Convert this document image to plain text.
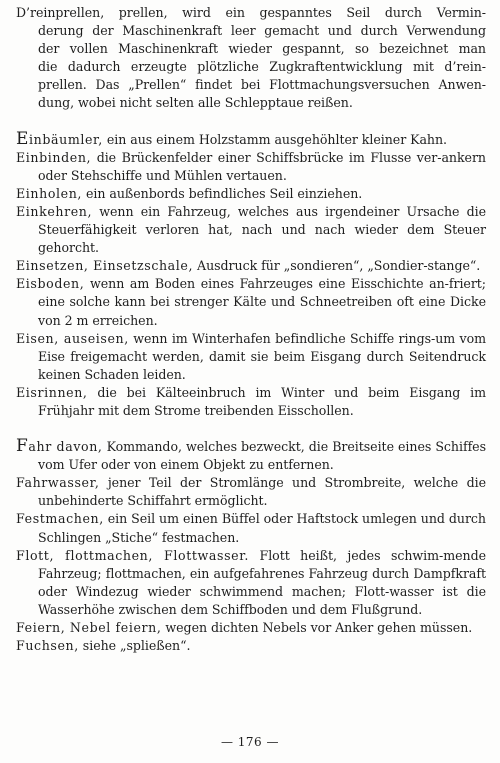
D’reinprellen, prellen, wird ein gespanntes Seil durch Vermin-
derung der Maschinenkraft leer gemacht und durch Verwendung
der vollen Maschinenkraft wieder gespannt, so bezeichnet man
die dadurch erzeugte plötzliche Zugkraftentwicklung mit d’rein-
prellen. Das „Prellen“ findet bei Flottmachungsversuchen Anwen-
dung, wobei nicht selten alle Schlepptaue reißen.

Einbäumler, ein aus einem Holzstamm ausgehöhlter kleiner Kahn.

Einbinden, die Brückenfelder einer Schiffsbrücke im Flusse ver-ankern oder Stehschiffe und Mühlen vertauen.

Einholen, ein außenbords befindliches Seil einziehen.

Einkehren, wenn ein Fahrzeug, welches aus irgendeiner Ursache die Steuerfähigkeit verloren hat, nach und nach wieder dem Steuer gehorcht.

Einsetzen, Einsetzschale, Ausdruck für „sondieren“, „Sondier-stange“.

Eisboden, wenn am Boden eines Fahrzeuges eine Eisschichte an-friert; eine solche kann bei strenger Kälte und Schneetreiben oft eine Dicke von 2 m erreichen.

Eisen, auseisen, wenn im Winterhafen befindliche Schiffe rings-um vom Eise freigemacht werden, damit sie beim Eisgang durch Seitendruck keinen Schaden leiden.

Eisrinnen, die bei Kälteeinbruch im Winter und beim Eisgang im Frühjahr mit dem Strome treibenden Eisschollen.

Fahr davon, Kommando, welches bezweckt, die Breitseite eines Schiffes vom Ufer oder von einem Objekt zu entfernen.

Fahrwasser, jener Teil der Stromlänge und Strombreite, welche die unbehinderte Schiffahrt ermöglicht.

Festmachen, ein Seil um einen Büffel oder Haftstock umlegen und durch Schlingen „Stiche“ festmachen.

Flott, flottmachen, Flottwasser. Flott heißt, jedes schwim-mende Fahrzeug; flottmachen, ein aufgefahrenes Fahrzeug durch Dampfkraft oder Windezug wieder schwimmend machen; Flott-wasser ist die Wasserhöhe zwischen dem Schiffboden und dem Flußgrund.

Feiern, Nebel feiern, wegen dichten Nebels vor Anker gehen müssen.

Fuchsen, siehe „spließen“.

— 176 —
